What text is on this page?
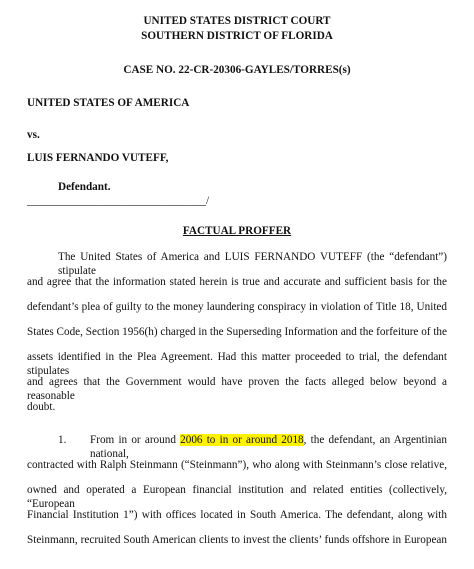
UNITED STATES DISTRICT COURT
SOUTHERN DISTRICT OF FLORIDA
CASE NO. 22-CR-20306-GAYLES/TORRES(s)
UNITED STATES OF AMERICA
vs.
LUIS FERNANDO VUTEFF,
Defendant.
________________________________/
FACTUAL PROFFER
The United States of America and LUIS FERNANDO VUTEFF (the “defendant”) stipulate
and agree that the information stated herein is true and accurate and sufficient basis for the
defendant’s plea of guilty to the money laundering conspiracy in violation of Title 18, United
States Code, Section 1956(h) charged in the Superseding Information and the forfeiture of the
assets identified in the Plea Agreement. Had this matter proceeded to trial, the defendant stipulates
and agrees that the Government would have proven the facts alleged below beyond a reasonable
doubt.
1. From in or around 2006 to in or around 2018, the defendant, an Argentinian national,
contracted with Ralph Steinmann (“Steinmann”), who along with Steinmann’s close relative,
owned and operated a European financial institution and related entities (collectively, “European
Financial Institution 1”) with offices located in South America. The defendant, along with
Steinmann, recruited South American clients to invest the clients’ funds offshore in European
